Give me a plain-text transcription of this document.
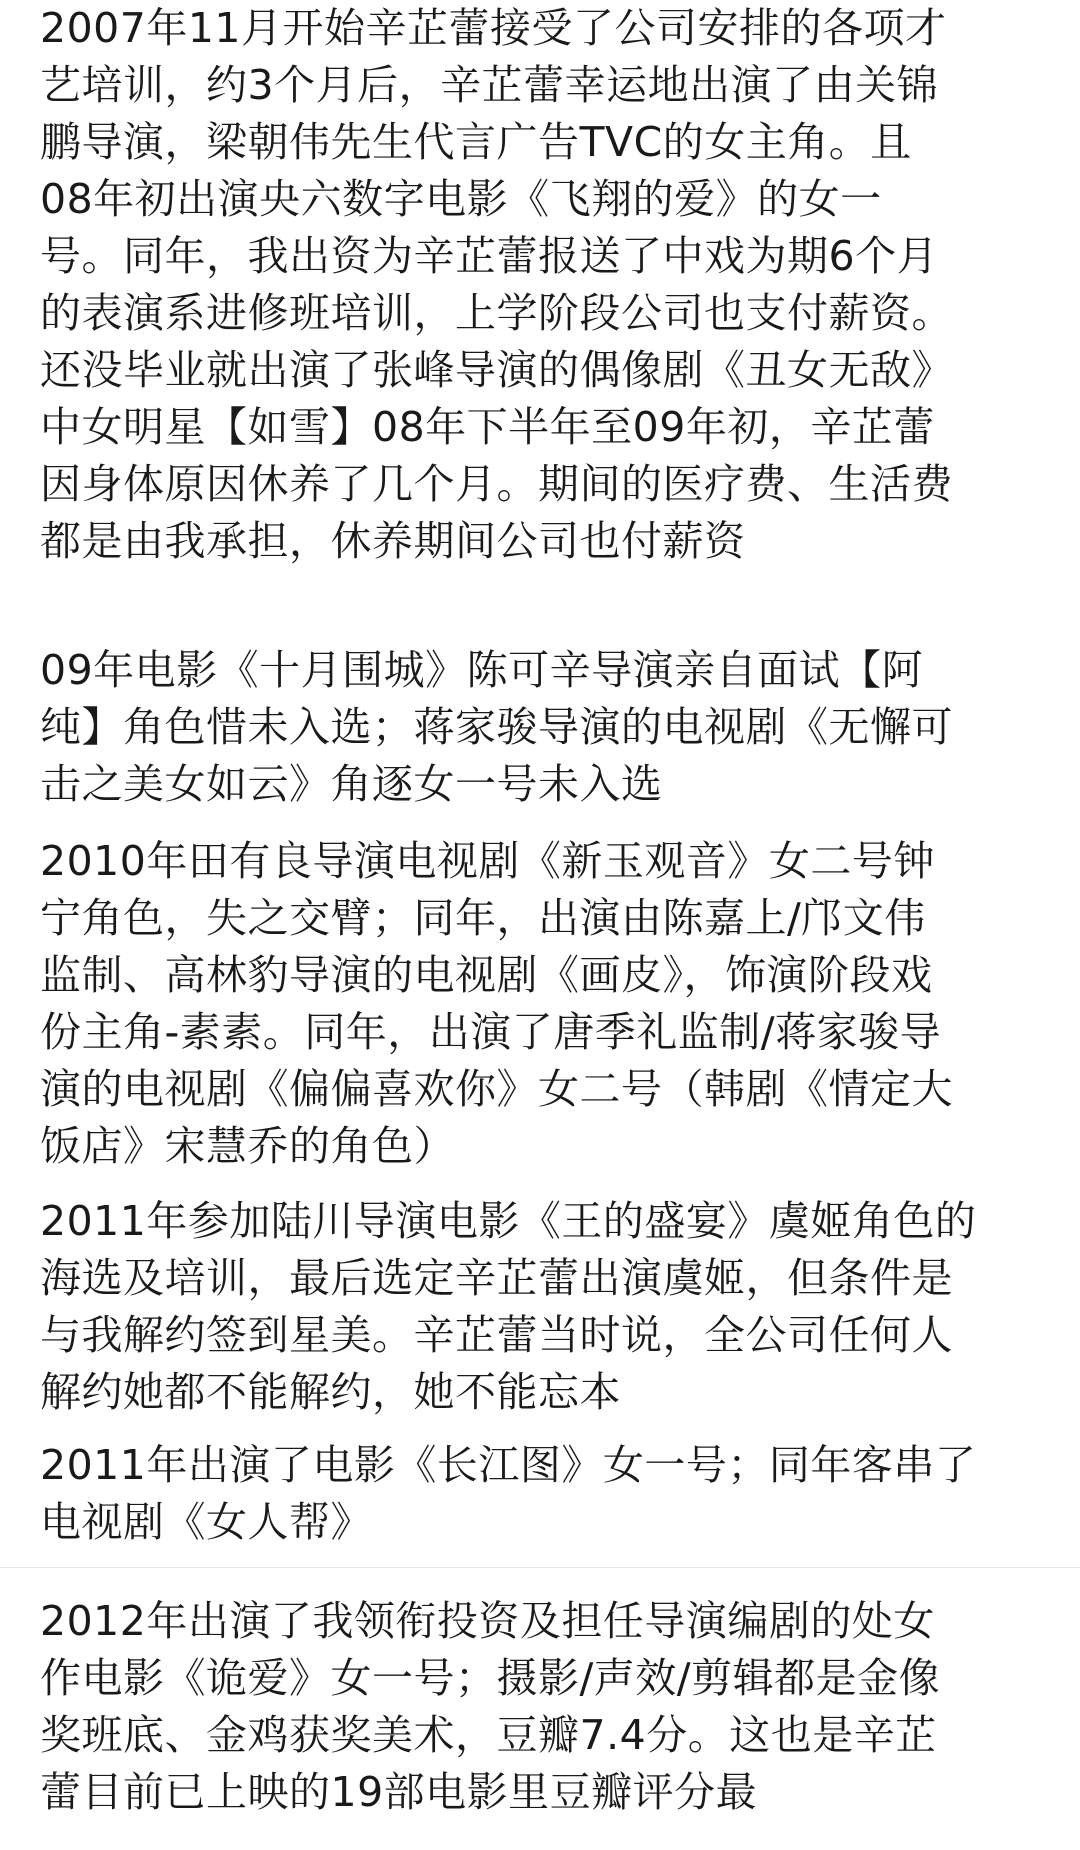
2007年11月开始辛芷蕾接受了公司安排的各项才
艺培训，约3个月后，辛芷蕾幸运地出演了由关锦
鹏导演，梁朝伟先生代言广告TVC的女主角。且
08年初出演央六数字电影《飞翔的爱》的女一
号。同年，我出资为辛芷蕾报送了中戏为期6个月
的表演系进修班培训，上学阶段公司也支付薪资。
还没毕业就出演了张峰导演的偶像剧《丑女无敌》
中女明星【如雪】08年下半年至09年初，辛芷蕾
因身体原因休养了几个月。期间的医疗费、生活费
都是由我承担，休养期间公司也付薪资

09年电影《十月围城》陈可辛导演亲自面试【阿
纯】角色惜未入选；蒋家骏导演的电视剧《无懈可
击之美女如云》角逐女一号未入选

2010年田有良导演电视剧《新玉观音》女二号钟
宁角色，失之交臂；同年，出演由陈嘉上/邝文伟
监制、高林豹导演的电视剧《画皮》，饰演阶段戏
份主角-素素。同年，出演了唐季礼监制/蒋家骏导
演的电视剧《偏偏喜欢你》女二号（韩剧《情定大
饭店》宋慧乔的角色）

2011年参加陆川导演电影《王的盛宴》虞姬角色的
海选及培训，最后选定辛芷蕾出演虞姬，但条件是
与我解约签到星美。辛芷蕾当时说，全公司任何人
解约她都不能解约，她不能忘本

2011年出演了电影《长江图》女一号；同年客串了
电视剧《女人帮》

2012年出演了我领衔投资及担任导演编剧的处女
作电影《诡爱》女一号；摄影/声效/剪辑都是金像
奖班底、金鸡获奖美术，豆瓣7.4分。这也是辛芷
蕾目前已上映的19部电影里豆瓣评分最
